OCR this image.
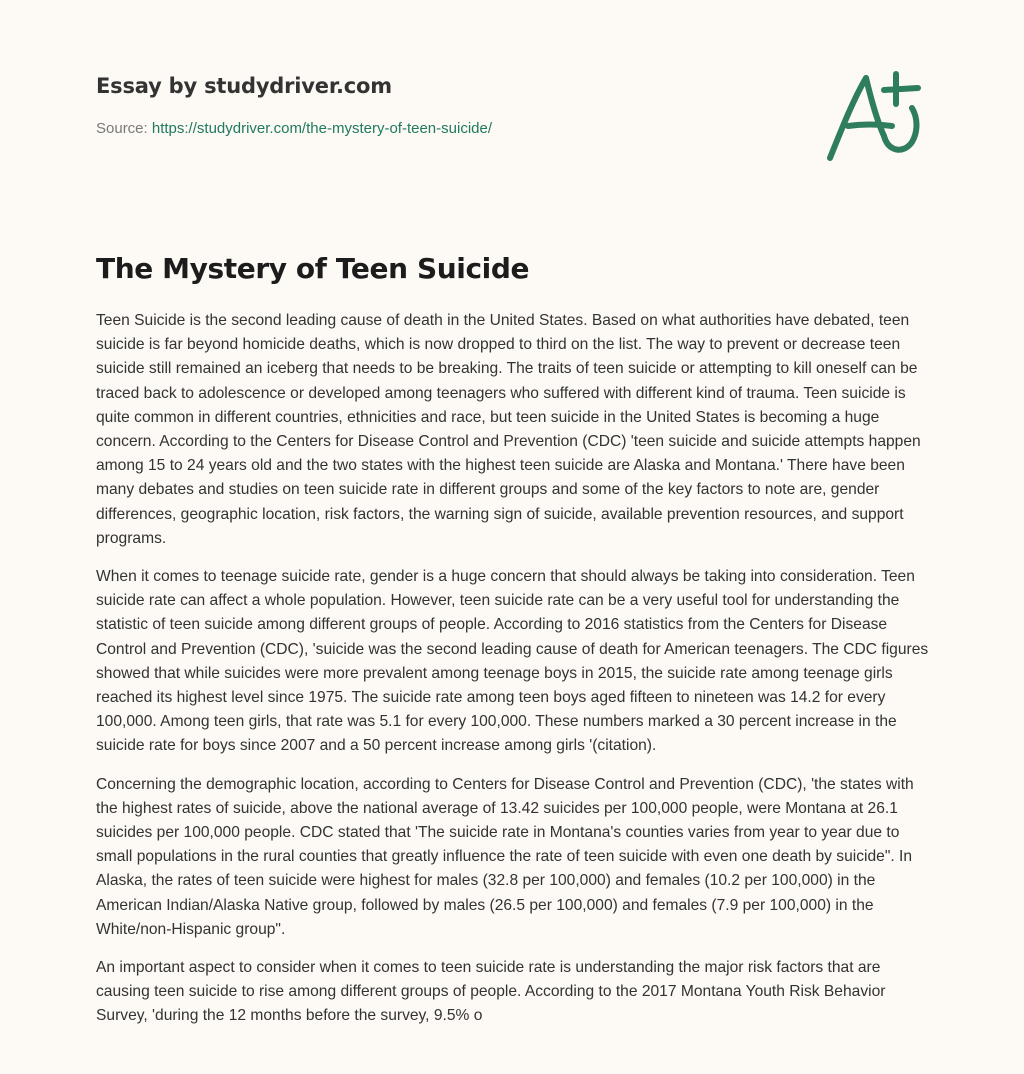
Essay by studydriver.com
Source: https://studydriver.com/the-mystery-of-teen-suicide/
The Mystery of Teen Suicide

Teen Suicide is the second leading cause of death in the United States. Based on what authorities have debated, teen suicide is far beyond homicide deaths, which is now dropped to third on the list. The way to prevent or decrease teen suicide still remained an iceberg that needs to be breaking. The traits of teen suicide or attempting to kill oneself can be traced back to adolescence or developed among teenagers who suffered with different kind of trauma. Teen suicide is quite common in different countries, ethnicities and race, but teen suicide in the United States is becoming a huge concern. According to the Centers for Disease Control and Prevention (CDC) 'teen suicide and suicide attempts happen among 15 to 24 years old and the two states with the highest teen suicide are Alaska and Montana.' There have been many debates and studies on teen suicide rate in different groups and some of the key factors to note are, gender differences, geographic location, risk factors, the warning sign of suicide, available prevention resources, and support programs.

When it comes to teenage suicide rate, gender is a huge concern that should always be taking into consideration. Teen suicide rate can affect a whole population. However, teen suicide rate can be a very useful tool for understanding the statistic of teen suicide among different groups of people. According to 2016 statistics from the Centers for Disease Control and Prevention (CDC), 'suicide was the second leading cause of death for American teenagers. The CDC figures showed that while suicides were more prevalent among teenage boys in 2015, the suicide rate among teenage girls reached its highest level since 1975. The suicide rate among teen boys aged fifteen to nineteen was 14.2 for every 100,000. Among teen girls, that rate was 5.1 for every 100,000. These numbers marked a 30 percent increase in the suicide rate for boys since 2007 and a 50 percent increase among girls '(citation).

Concerning the demographic location, according to Centers for Disease Control and Prevention (CDC), 'the states with the highest rates of suicide, above the national average of 13.42 suicides per 100,000 people, were Montana at 26.1 suicides per 100,000 people. CDC stated that 'The suicide rate in Montana's counties varies from year to year due to small populations in the rural counties that greatly influence the rate of teen suicide with even one death by suicide". In Alaska, the rates of teen suicide were highest for males (32.8 per 100,000) and females (10.2 per 100,000) in the American Indian/Alaska Native group, followed by males (26.5 per 100,000) and females (7.9 per 100,000) in the White/non-Hispanic group".

An important aspect to consider when it comes to teen suicide rate is understanding the major risk factors that are causing teen suicide to rise among different groups of people. According to the 2017 Montana Youth Risk Behavior Survey, 'during the 12 months before the survey, 9.5% o
